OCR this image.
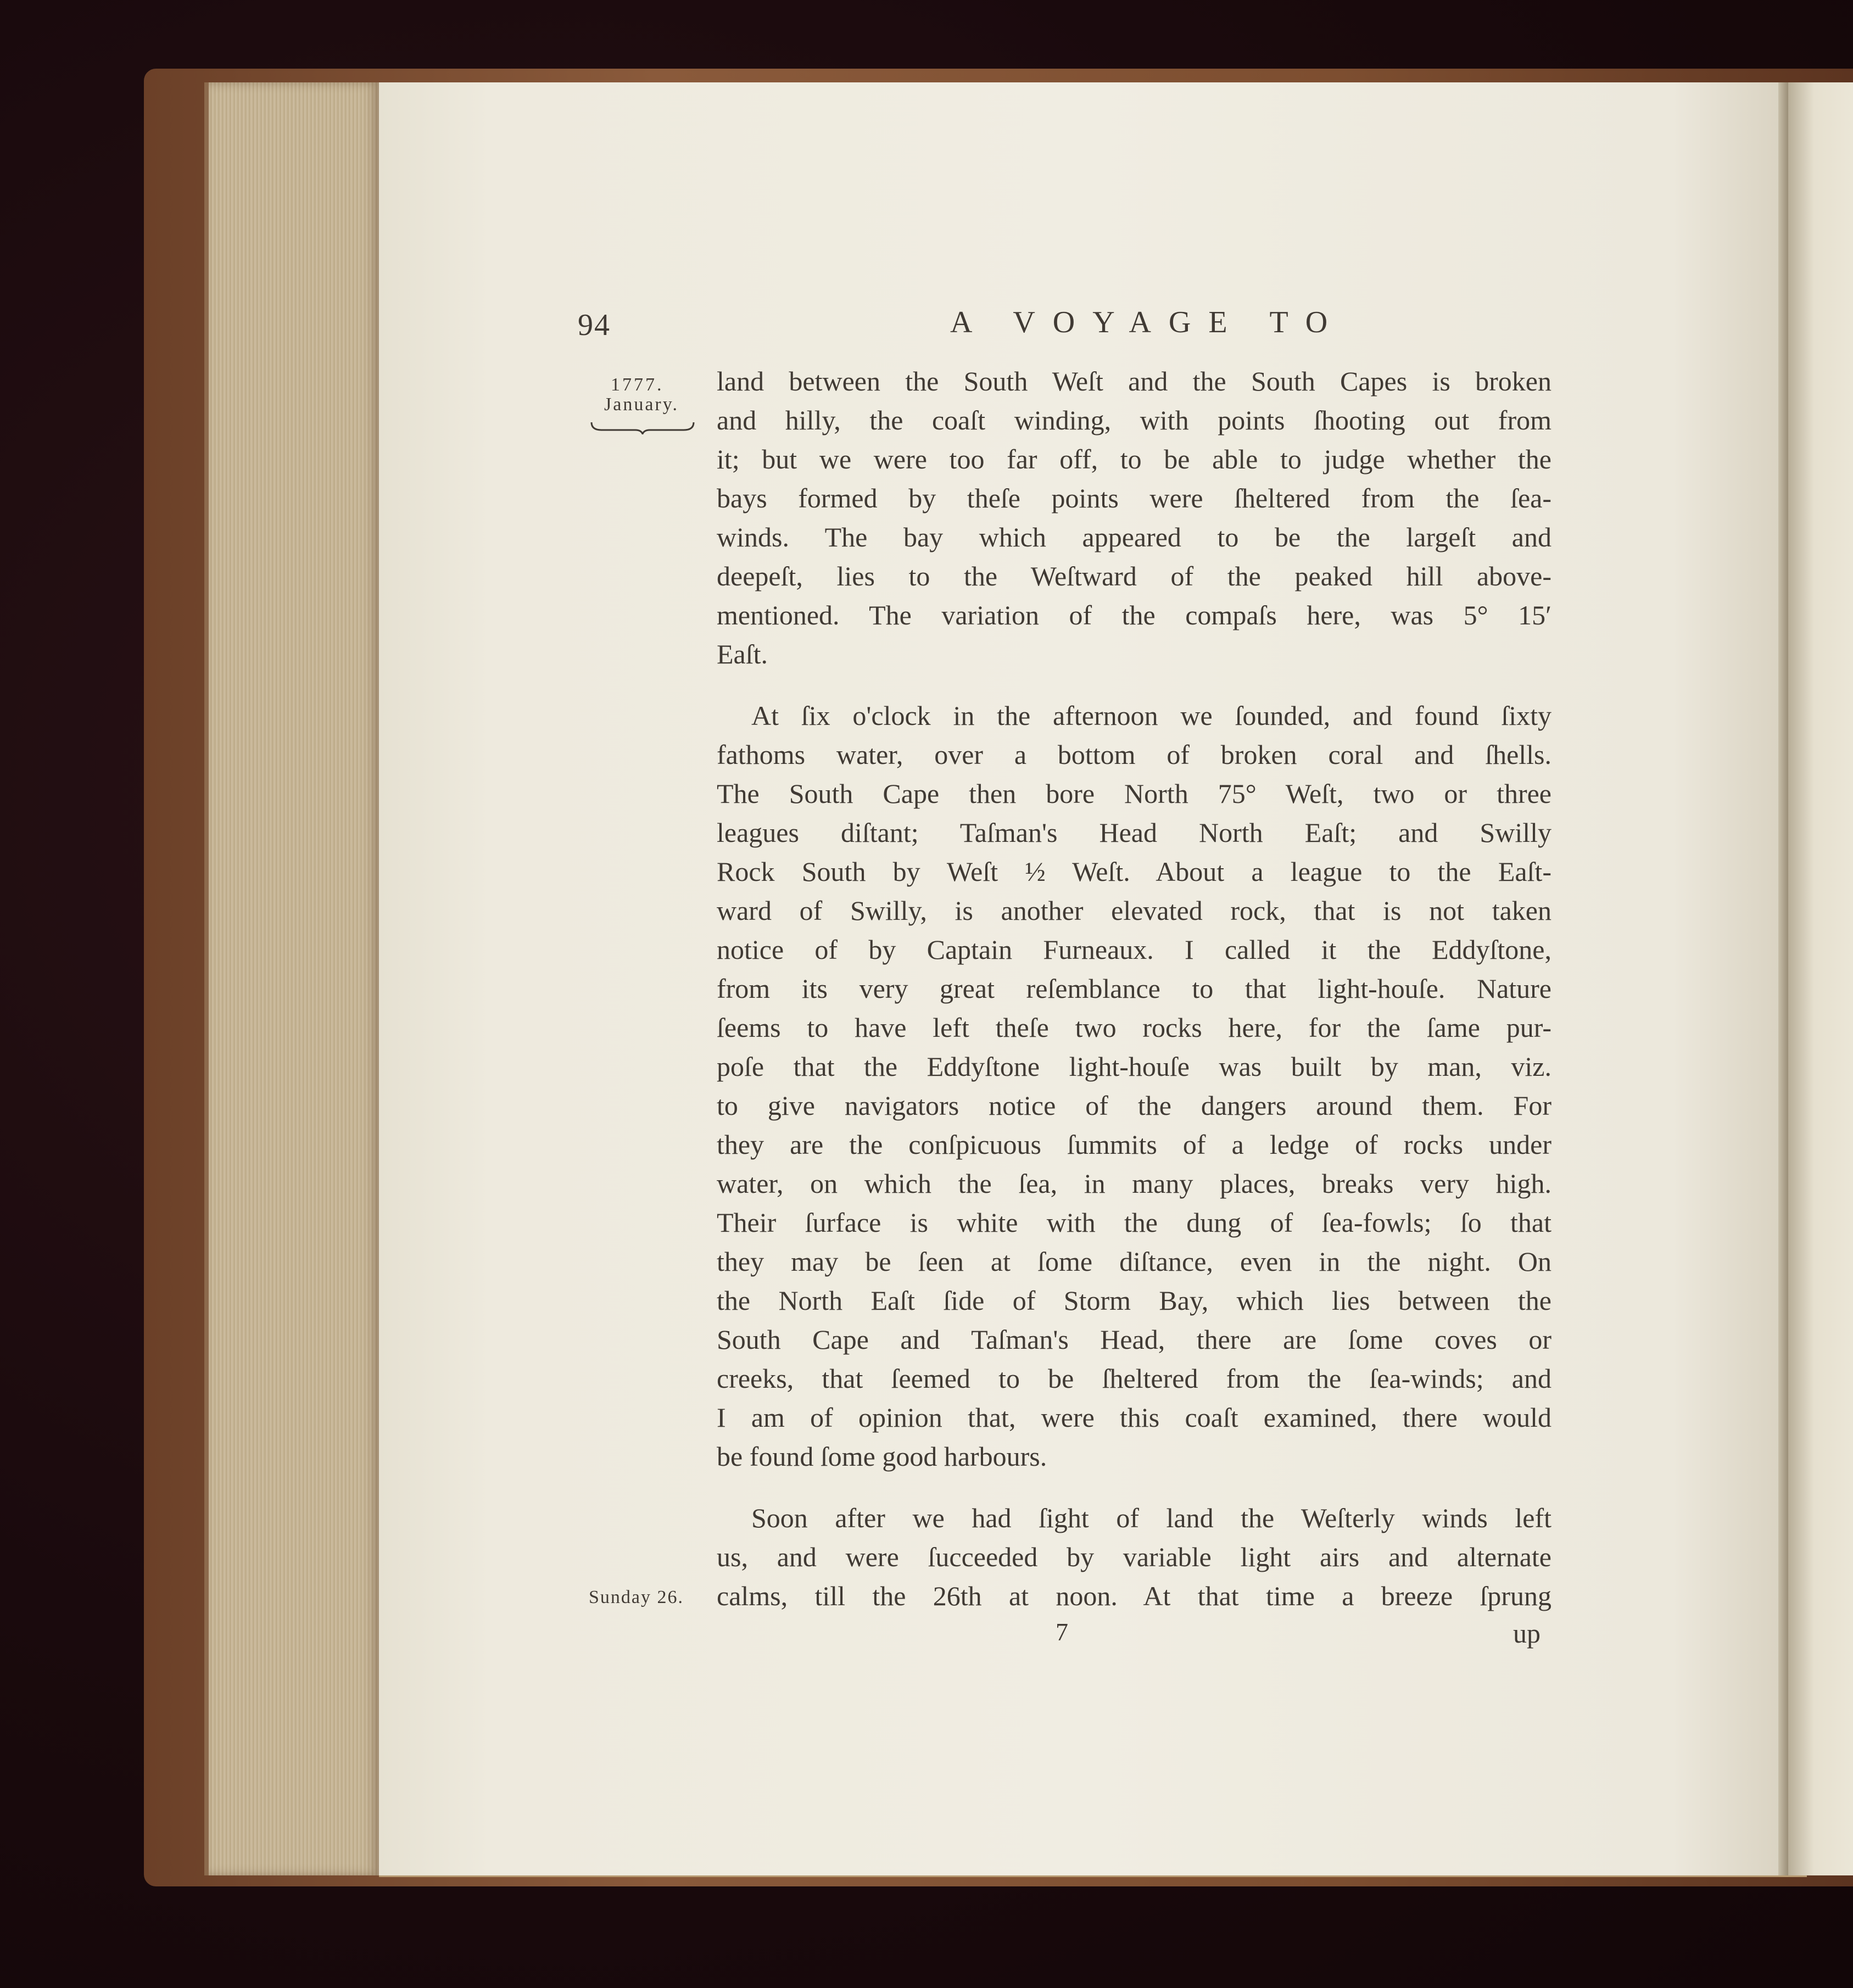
94	A VOYAGE TO
1777.
January.
Sunday 26.
land between the South Weſt and the South Capes is broken
and hilly, the coaſt winding, with points ſhooting out from
it; but we were too far off, to be able to judge whether the
bays formed by theſe points were ſheltered from the ſea-
winds. The bay which appeared to be the largeſt and
deepeſt, lies to the Weſtward of the peaked hill above-
mentioned. The variation of the compaſs here, was 5° 15′
Eaſt.
At ſix o'clock in the afternoon we ſounded, and found ſixty
fathoms water, over a bottom of broken coral and ſhells.
The South Cape then bore North 75° Weſt, two or three
leagues diſtant; Taſman's Head North Eaſt; and Swilly
Rock South by Weſt ½ Weſt. About a league to the Eaſt-
ward of Swilly, is another elevated rock, that is not taken
notice of by Captain Furneaux. I called it the Eddyſtone,
from its very great reſemblance to that light-houſe. Nature
ſeems to have left theſe two rocks here, for the ſame pur-
poſe that the Eddyſtone light-houſe was built by man, viz.
to give navigators notice of the dangers around them. For
they are the conſpicuous ſummits of a ledge of rocks under
water, on which the ſea, in many places, breaks very high.
Their ſurface is white with the dung of ſea-fowls; ſo that
they may be ſeen at ſome diſtance, even in the night. On
the North Eaſt ſide of Storm Bay, which lies between the
South Cape and Taſman's Head, there are ſome coves or
creeks, that ſeemed to be ſheltered from the ſea-winds; and
I am of opinion that, were this coaſt examined, there would
be found ſome good harbours.
Soon after we had ſight of land the Weſterly winds left
us, and were ſucceeded by variable light airs and alternate
calms, till the 26th at noon. At that time a breeze ſprung
7	up
